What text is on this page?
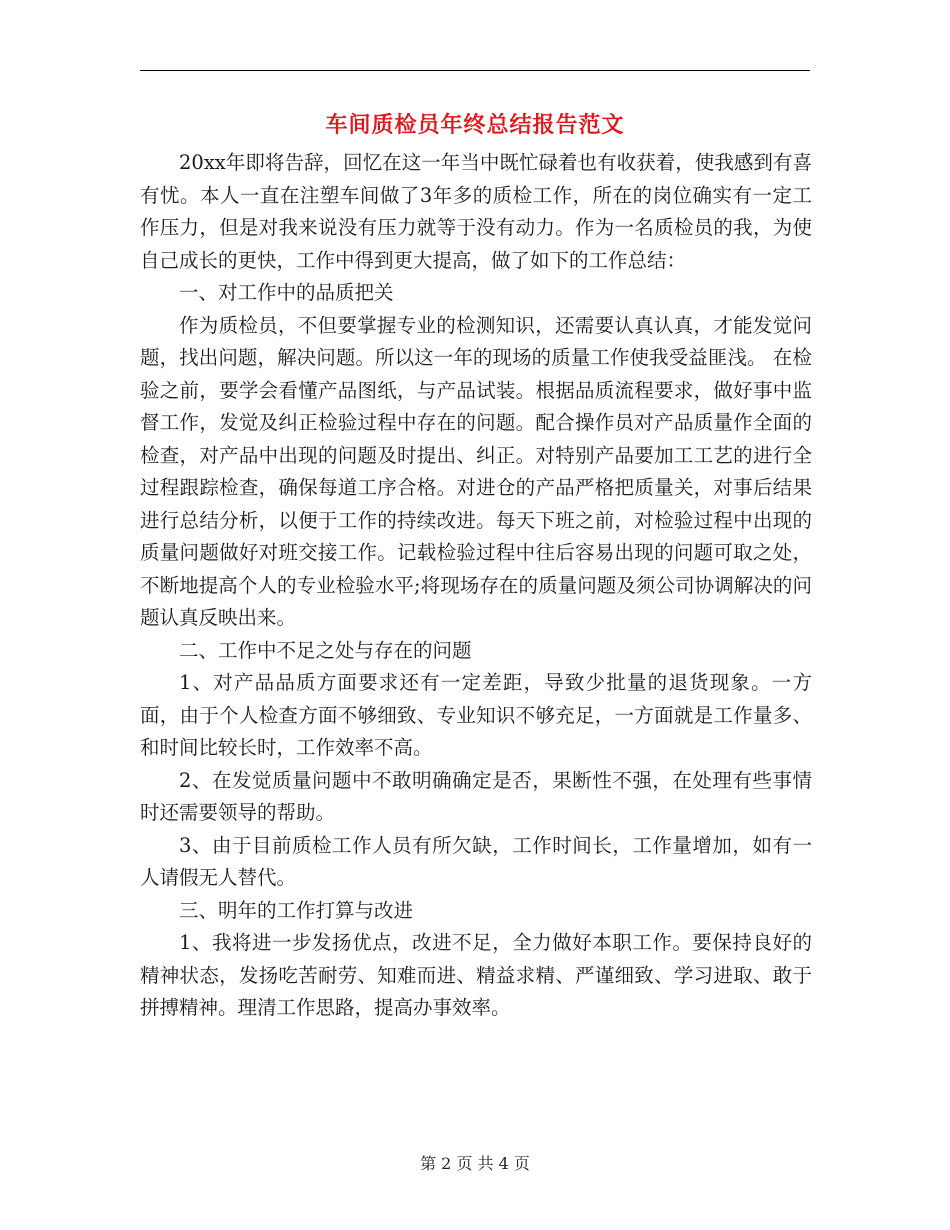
车间质检员年终总结报告范文

20xx年即将告辞，回忆在这一年当中既忙碌着也有收获着，使我感到有喜有忧。本人一直在注塑车间做了3年多的质检工作，所在的岗位确实有一定工作压力，但是对我来说没有压力就等于没有动力。作为一名质检员的我，为使自己成长的更快，工作中得到更大提高，做了如下的工作总结：

一、对工作中的品质把关

作为质检员，不但要掌握专业的检测知识，还需要认真认真，才能发觉问题，找出问题，解决问题。所以这一年的现场的质量工作使我受益匪浅。 在检验之前，要学会看懂产品图纸，与产品试装。根据品质流程要求，做好事中监督工作，发觉及纠正检验过程中存在的问题。配合操作员对产品质量作全面的检查，对产品中出现的问题及时提出、纠正。对特别产品要加工工艺的进行全过程跟踪检查，确保每道工序合格。对进仓的产品严格把质量关，对事后结果进行总结分析，以便于工作的持续改进。每天下班之前，对检验过程中出现的质量问题做好对班交接工作。记载检验过程中往后容易出现的问题可取之处，不断地提高个人的专业检验水平;将现场存在的质量问题及须公司协调解决的问题认真反映出来。

二、工作中不足之处与存在的问题

1、对产品品质方面要求还有一定差距，导致少批量的退货现象。一方面，由于个人检查方面不够细致、专业知识不够充足，一方面就是工作量多、和时间比较长时，工作效率不高。

2、在发觉质量问题中不敢明确确定是否，果断性不强，在处理有些事情时还需要领导的帮助。

3、由于目前质检工作人员有所欠缺，工作时间长，工作量增加，如有一人请假无人替代。

三、明年的工作打算与改进

1、我将进一步发扬优点，改进不足，全力做好本职工作。要保持良好的精神状态，发扬吃苦耐劳、知难而进、精益求精、严谨细致、学习进取、敢于拼搏精神。理清工作思路，提高办事效率。

第 2 页 共 4 页
